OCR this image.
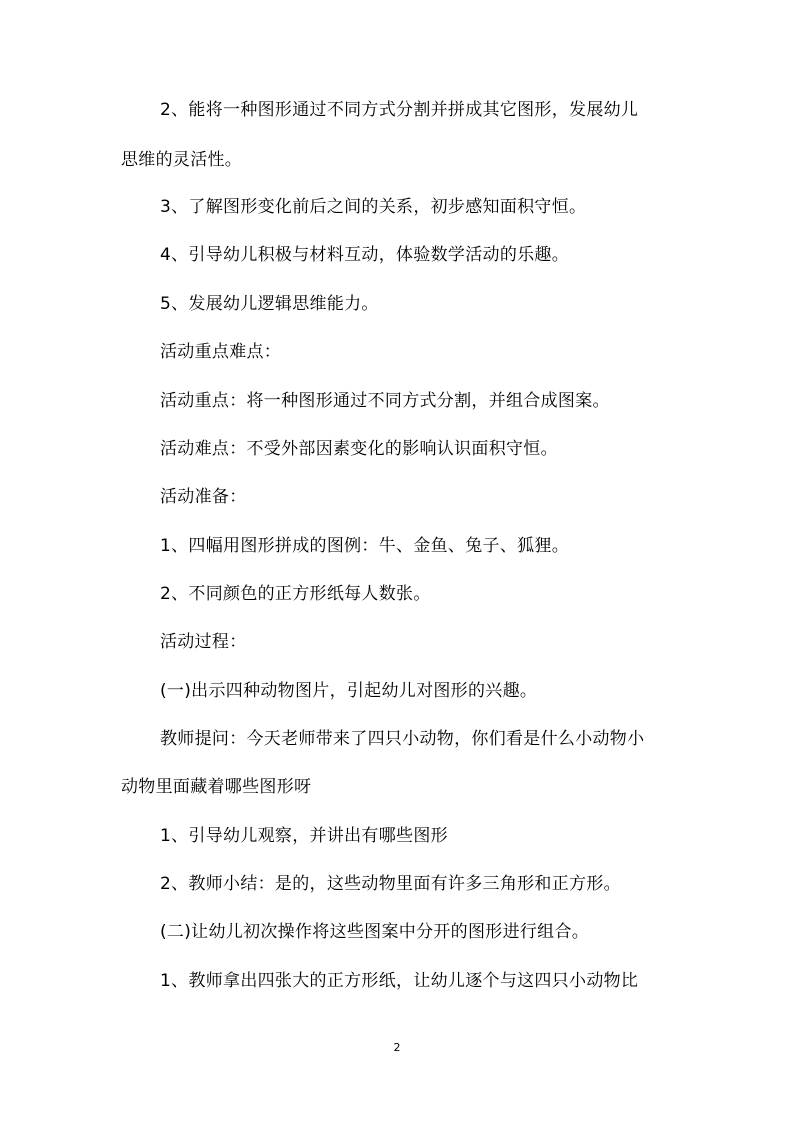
2、能将一种图形通过不同方式分割并拼成其它图形，发展幼儿
思维的灵活性。
3、了解图形变化前后之间的关系，初步感知面积守恒。
4、引导幼儿积极与材料互动，体验数学活动的乐趣。
5、发展幼儿逻辑思维能力。
活动重点难点：
活动重点：将一种图形通过不同方式分割，并组合成图案。
活动难点：不受外部因素变化的影响认识面积守恒。
活动准备：
1、四幅用图形拼成的图例：牛、金鱼、兔子、狐狸。
2、不同颜色的正方形纸每人数张。
活动过程：
(一)出示四种动物图片，引起幼儿对图形的兴趣。
教师提问：今天老师带来了四只小动物，你们看是什么小动物小
动物里面藏着哪些图形呀
1、引导幼儿观察，并讲出有哪些图形
2、教师小结：是的，这些动物里面有许多三角形和正方形。
(二)让幼儿初次操作将这些图案中分开的图形进行组合。
1、教师拿出四张大的正方形纸，让幼儿逐个与这四只小动物比
2
